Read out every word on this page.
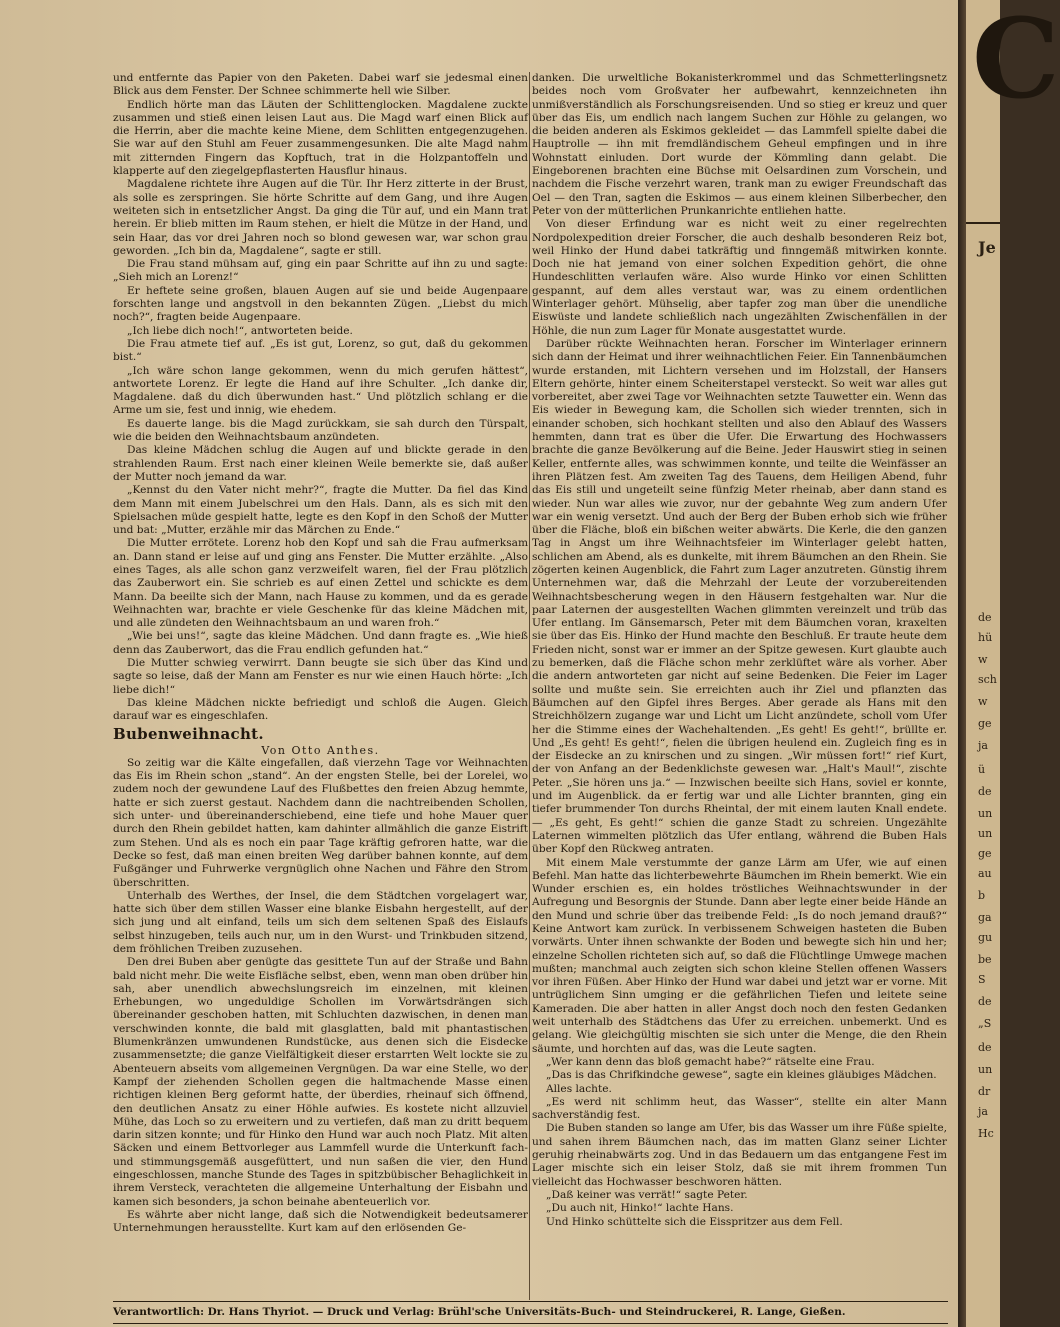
und entfernte das Papier von den Paketen. Dabei warf sie jedesmal einen Blick aus dem Fenster. Der Schnee schimmerte hell wie Silber.

Endlich hörte man das Läuten der Schlittenglocken. Magdalene zuckte zusammen und stieß einen leisen Laut aus. Die Magd warf einen Blick auf die Herrin, aber die machte keine Miene, dem Schlitten entgegenzugehen. Sie war auf den Stuhl am Feuer zusammengesunken. Die alte Magd nahm mit zitternden Fingern das Kopftuch, trat in die Holzpantoffeln und klapperte auf den ziegelgepflasterten Hausflur hinaus.

Magdalene richtete ihre Augen auf die Tür. Ihr Herz zitterte in der Brust, als solle es zerspringen. Sie hörte Schritte auf dem Gang, und ihre Augen weiteten sich in entsetzlicher Angst. Da ging die Tür auf, und ein Mann trat herein. Er blieb mitten im Raum stehen, er hielt die Mütze in der Hand, und sein Haar, das vor drei Jahren noch so blond gewesen war, war schon grau geworden. „Ich bin da, Magdalene“, sagte er still.

Die Frau stand mühsam auf, ging ein paar Schritte auf ihn zu und sagte: „Sieh mich an Lorenz!“

Er heftete seine großen, blauen Augen auf sie und beide Augenpaare forschten lange und angstvoll in den bekannten Zügen. „Liebst du mich noch?“, fragten beide Augenpaare.

„Ich liebe dich noch!“, antworteten beide.

Die Frau atmete tief auf. „Es ist gut, Lorenz, so gut, daß du gekommen bist.“

„Ich wäre schon lange gekommen, wenn du mich gerufen hättest“, antwortete Lorenz. Er legte die Hand auf ihre Schulter. „Ich danke dir, Magdalene. daß du dich überwunden hast.“ Und plötzlich schlang er die Arme um sie, fest und innig, wie ehedem.

Es dauerte lange. bis die Magd zurückkam, sie sah durch den Türspalt, wie die beiden den Weihnachtsbaum anzündeten.

Das kleine Mädchen schlug die Augen auf und blickte gerade in den strahlenden Raum. Erst nach einer kleinen Weile bemerkte sie, daß außer der Mutter noch jemand da war.

„Kennst du den Vater nicht mehr?“, fragte die Mutter. Da fiel das Kind dem Mann mit einem Jubelschrei um den Hals. Dann, als es sich mit den Spielsachen müde gespielt hatte, legte es den Kopf in den Schoß der Mutter und bat: „Mutter, erzähle mir das Märchen zu Ende.“

Die Mutter errötete. Lorenz hob den Kopf und sah die Frau aufmerksam an. Dann stand er leise auf und ging ans Fenster. Die Mutter erzählte. „Also eines Tages, als alle schon ganz verzweifelt waren, fiel der Frau plötzlich das Zauberwort ein. Sie schrieb es auf einen Zettel und schickte es dem Mann. Da beeilte sich der Mann, nach Hause zu kommen, und da es gerade Weihnachten war, brachte er viele Geschenke für das kleine Mädchen mit, und alle zündeten den Weihnachtsbaum an und waren froh.“

„Wie bei uns!“, sagte das kleine Mädchen. Und dann fragte es. „Wie hieß denn das Zauberwort, das die Frau endlich gefunden hat.“

Die Mutter schwieg verwirrt. Dann beugte sie sich über das Kind und sagte so leise, daß der Mann am Fenster es nur wie einen Hauch hörte: „Ich liebe dich!“

Das kleine Mädchen nickte befriedigt und schloß die Augen. Gleich darauf war es eingeschlafen.

Bubenweihnacht.

Von Otto Anthes.

So zeitig war die Kälte eingefallen, daß vierzehn Tage vor Weihnachten das Eis im Rhein schon „stand“. An der engsten Stelle, bei der Lorelei, wo zudem noch der gewundene Lauf des Flußbettes den freien Abzug hemmte, hatte er sich zuerst gestaut. Nachdem dann die nachtreibenden Schollen, sich unter- und übereinanderschiebend, eine tiefe und hohe Mauer quer durch den Rhein gebildet hatten, kam dahinter allmählich die ganze Eistrift zum Stehen. Und als es noch ein paar Tage kräftig gefroren hatte, war die Decke so fest, daß man einen breiten Weg darüber bahnen konnte, auf dem Fußgänger und Fuhrwerke vergnüglich ohne Nachen und Fähre den Strom überschritten.

Unterhalb des Werthes, der Insel, die dem Städtchen vorgelagert war, hatte sich über dem stillen Wasser eine blanke Eisbahn hergestellt, auf der sich jung und alt einfand, teils um sich dem seltenen Spaß des Eislaufs selbst hinzugeben, teils auch nur, um in den Wurst- und Trinkbuden sitzend, dem fröhlichen Treiben zuzusehen.

Den drei Buben aber genügte das gesittete Tun auf der Straße und Bahn bald nicht mehr. Die weite Eisfläche selbst, eben, wenn man oben drüber hin sah, aber unendlich abwechslungsreich im einzelnen, mit kleinen Erhebungen, wo ungeduldige Schollen im Vorwärtsdrängen sich übereinander geschoben hatten, mit Schluchten dazwischen, in denen man verschwinden konnte, die bald mit glasglatten, bald mit phantastischen Blumenkränzen umwundenen Rundstücke, aus denen sich die Eisdecke zusammensetzte; die ganze Vielfältigkeit dieser erstarrten Welt lockte sie zu Abenteuern abseits vom allgemeinen Vergnügen. Da war eine Stelle, wo der Kampf der ziehenden Schollen gegen die haltmachende Masse einen richtigen kleinen Berg geformt hatte, der überdies, rheinauf sich öffnend, den deutlichen Ansatz zu einer Höhle aufwies. Es kostete nicht allzuviel Mühe, das Loch so zu erweitern und zu vertiefen, daß man zu dritt bequem darin sitzen konnte; und für Hinko den Hund war auch noch Platz. Mit alten Säcken und einem Bettvorleger aus Lammfell wurde die Unterkunft fach- und stimmungsgemäß ausgefüttert, und nun saßen die vier, den Hund eingeschlossen, manche Stunde des Tages in spitzbübischer Behaglichkeit in ihrem Versteck, verachteten die allgemeine Unterhaltung der Eisbahn und kamen sich besonders, ja schon beinahe abenteuerlich vor.

Es währte aber nicht lange, daß sich die Notwendigkeit bedeutsamerer Unternehmungen herausstellte. Kurt kam auf den erlösenden Ge-

danken. Die urweltliche Bokanisterkrommel und das Schmetterlingsnetz beides noch vom Großvater her aufbewahrt, kennzeichneten ihn unmißverständlich als Forschungsreisenden. Und so stieg er kreuz und quer über das Eis, um endlich nach langem Suchen zur Höhle zu gelangen, wo die beiden anderen als Eskimos gekleidet — das Lammfell spielte dabei die Hauptrolle — ihn mit fremdländischem Geheul empfingen und in ihre Wohnstatt einluden. Dort wurde der Kömmling dann gelabt. Die Eingeborenen brachten eine Büchse mit Oelsardinen zum Vorschein, und nachdem die Fische verzehrt waren, trank man zu ewiger Freundschaft das Oel — den Tran, sagten die Eskimos — aus einem kleinen Silberbecher, den Peter von der mütterlichen Prunkanrichte entliehen hatte.

Von dieser Erfindung war es nicht weit zu einer regelrechten Nordpolexpedition dreier Forscher, die auch deshalb besonderen Reiz bot, weil Hinko der Hund dabei tatkräftig und finngemäß mitwirken konnte. Doch nie hat jemand von einer solchen Expedition gehört, die ohne Hundeschlitten verlaufen wäre. Also wurde Hinko vor einen Schlitten gespannt, auf dem alles verstaut war, was zu einem ordentlichen Winterlager gehört. Mühselig, aber tapfer zog man über die unendliche Eiswüste und landete schließlich nach ungezählten Zwischenfällen in der Höhle, die nun zum Lager für Monate ausgestattet wurde.

Darüber rückte Weihnachten heran. Forscher im Winterlager erinnern sich dann der Heimat und ihrer weihnachtlichen Feier. Ein Tannenbäumchen wurde erstanden, mit Lichtern versehen und im Holzstall, der Hansers Eltern gehörte, hinter einem Scheiterstapel versteckt. So weit war alles gut vorbereitet, aber zwei Tage vor Weihnachten setzte Tauwetter ein. Wenn das Eis wieder in Bewegung kam, die Schollen sich wieder trennten, sich in einander schoben, sich hochkant stellten und also den Ablauf des Wassers hemmten, dann trat es über die Ufer. Die Erwartung des Hochwassers brachte die ganze Bevölkerung auf die Beine. Jeder Hauswirt stieg in seinen Keller, entfernte alles, was schwimmen konnte, und teilte die Weinfässer an ihren Plätzen fest. Am zweiten Tag des Tauens, dem Heiligen Abend, fuhr das Eis still und ungeteilt seine fünfzig Meter rheinab, aber dann stand es wieder. Nun war alles wie zuvor, nur der gebahnte Weg zum andern Ufer war ein wenig versetzt. Und auch der Berg der Buben erhob sich wie früher über die Fläche, bloß ein bißchen weiter abwärts. Die Kerle, die den ganzen Tag in Angst um ihre Weihnachtsfeier im Winterlager gelebt hatten, schlichen am Abend, als es dunkelte, mit ihrem Bäumchen an den Rhein. Sie zögerten keinen Augenblick, die Fahrt zum Lager anzutreten. Günstig ihrem Unternehmen war, daß die Mehrzahl der Leute der vorzubereitenden Weihnachtsbescherung wegen in den Häusern festgehalten war. Nur die paar Laternen der ausgestellten Wachen glimmten vereinzelt und trüb das Ufer entlang. Im Gänsemarsch, Peter mit dem Bäumchen voran, kraxelten sie über das Eis. Hinko der Hund machte den Beschluß. Er traute heute dem Frieden nicht, sonst war er immer an der Spitze gewesen. Kurt glaubte auch zu bemerken, daß die Fläche schon mehr zerklüftet wäre als vorher. Aber die andern antworteten gar nicht auf seine Bedenken. Die Feier im Lager sollte und mußte sein. Sie erreichten auch ihr Ziel und pflanzten das Bäumchen auf den Gipfel ihres Berges. Aber gerade als Hans mit den Streichhölzern zugange war und Licht um Licht anzündete, scholl vom Ufer her die Stimme eines der Wachehaltenden. „Es geht! Es geht!“, brüllte er. Und „Es geht! Es geht!“, fielen die übrigen heulend ein. Zugleich fing es in der Eisdecke an zu knirschen und zu singen. „Wir müssen fort!“ rief Kurt, der von Anfang an der Bedenklichste gewesen war. „Halt's Maul!“, zischte Peter. „Sie hören uns ja.“ — Inzwischen beeilte sich Hans, soviel er konnte, und im Augenblick. da er fertig war und alle Lichter brannten, ging ein tiefer brummender Ton durchs Rheintal, der mit einem lauten Knall endete. — „Es geht, Es geht!“ schien die ganze Stadt zu schreien. Ungezählte Laternen wimmelten plötzlich das Ufer entlang, während die Buben Hals über Kopf den Rückweg antraten.

Mit einem Male verstummte der ganze Lärm am Ufer, wie auf einen Befehl. Man hatte das lichterbewehrte Bäumchen im Rhein bemerkt. Wie ein Wunder erschien es, ein holdes tröstliches Weihnachtswunder in der Aufregung und Besorgnis der Stunde. Dann aber legte einer beide Hände an den Mund und schrie über das treibende Feld: „Is do noch jemand drauß?“ Keine Antwort kam zurück. In verbissenem Schweigen hasteten die Buben vorwärts. Unter ihnen schwankte der Boden und bewegte sich hin und her; einzelne Schollen richteten sich auf, so daß die Flüchtlinge Umwege machen mußten; manchmal auch zeigten sich schon kleine Stellen offenen Wassers vor ihren Füßen. Aber Hinko der Hund war dabei und jetzt war er vorne. Mit untrüglichem Sinn umging er die gefährlichen Tiefen und leitete seine Kameraden. Die aber hatten in aller Angst doch noch den festen Gedanken weit unterhalb des Städtchens das Ufer zu erreichen. unbemerkt. Und es gelang. Wie gleichgültig mischten sie sich unter die Menge, die den Rhein säumte, und horchten auf das, was die Leute sagten.

„Wer kann denn das bloß gemacht habe?“ rätselte eine Frau.

„Das is das Chrifkindche gewese“, sagte ein kleines gläubiges Mädchen.

Alles lachte.

„Es werd nit schlimm heut, das Wasser“, stellte ein alter Mann sachverständig fest.

Die Buben standen so lange am Ufer, bis das Wasser um ihre Füße spielte, und sahen ihrem Bäumchen nach, das im matten Glanz seiner Lichter geruhig rheinabwärts zog. Und in das Bedauern um das entgangene Fest im Lager mischte sich ein leiser Stolz, daß sie mit ihrem frommen Tun vielleicht das Hochwasser beschworen hätten.

„Daß keiner was verrät!“ sagte Peter.

„Du auch nit, Hinko!“ lachte Hans.

Und Hinko schüttelte sich die Eisspritzer aus dem Fell.

Verantwortlich: Dr. Hans Thyriot. — Druck und Verlag: Brühl'sche Universitäts-Buch- und Steindruckerei, R. Lange, Gießen.
C
Je
de
hü
w
sch
w
ge
ja
ü
de
un
un
ge
au
b
ga
gu
be
S
de
„S
de
un
dr
ja
Hc
